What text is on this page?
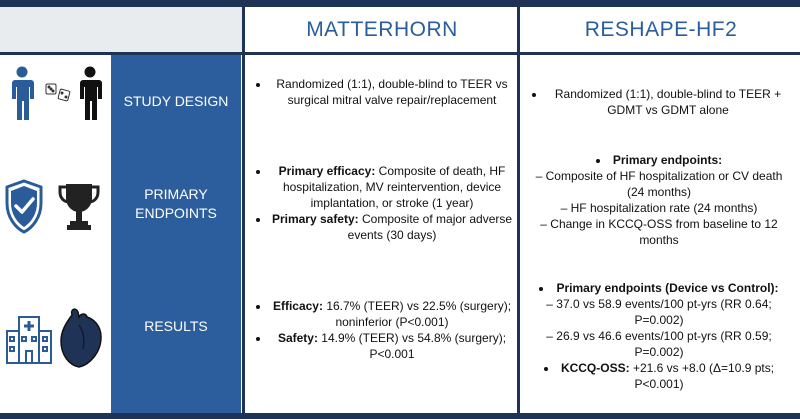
MATTERHORN	RESHAPE-HF2
STUDY DESIGN
PRIMARY
ENDPOINTS
RESULTS
• Randomized (1:1), double-blind to TEER vs surgical mitral valve repair/replacement
• Primary efficacy: Composite of death, HF hospitalization, MV reintervention, device implantation, or stroke (1 year)
• Primary safety: Composite of major adverse events (30 days)
• Efficacy: 16.7% (TEER) vs 22.5% (surgery); noninferior (P<0.001)
• Safety: 14.9% (TEER) vs 54.8% (surgery); P<0.001
• Randomized (1:1), double-blind to TEER + GDMT vs GDMT alone
• Primary endpoints:
– Composite of HF hospitalization or CV death (24 months)
– HF hospitalization rate (24 months)
– Change in KCCQ-OSS from baseline to 12 months
• Primary endpoints (Device vs Control):
– 37.0 vs 58.9 events/100 pt-yrs (RR 0.64; P=0.002)
– 26.9 vs 46.6 events/100 pt-yrs (RR 0.59; P=0.002)
• KCCQ-OSS: +21.6 vs +8.0 (Δ=10.9 pts; P<0.001)
